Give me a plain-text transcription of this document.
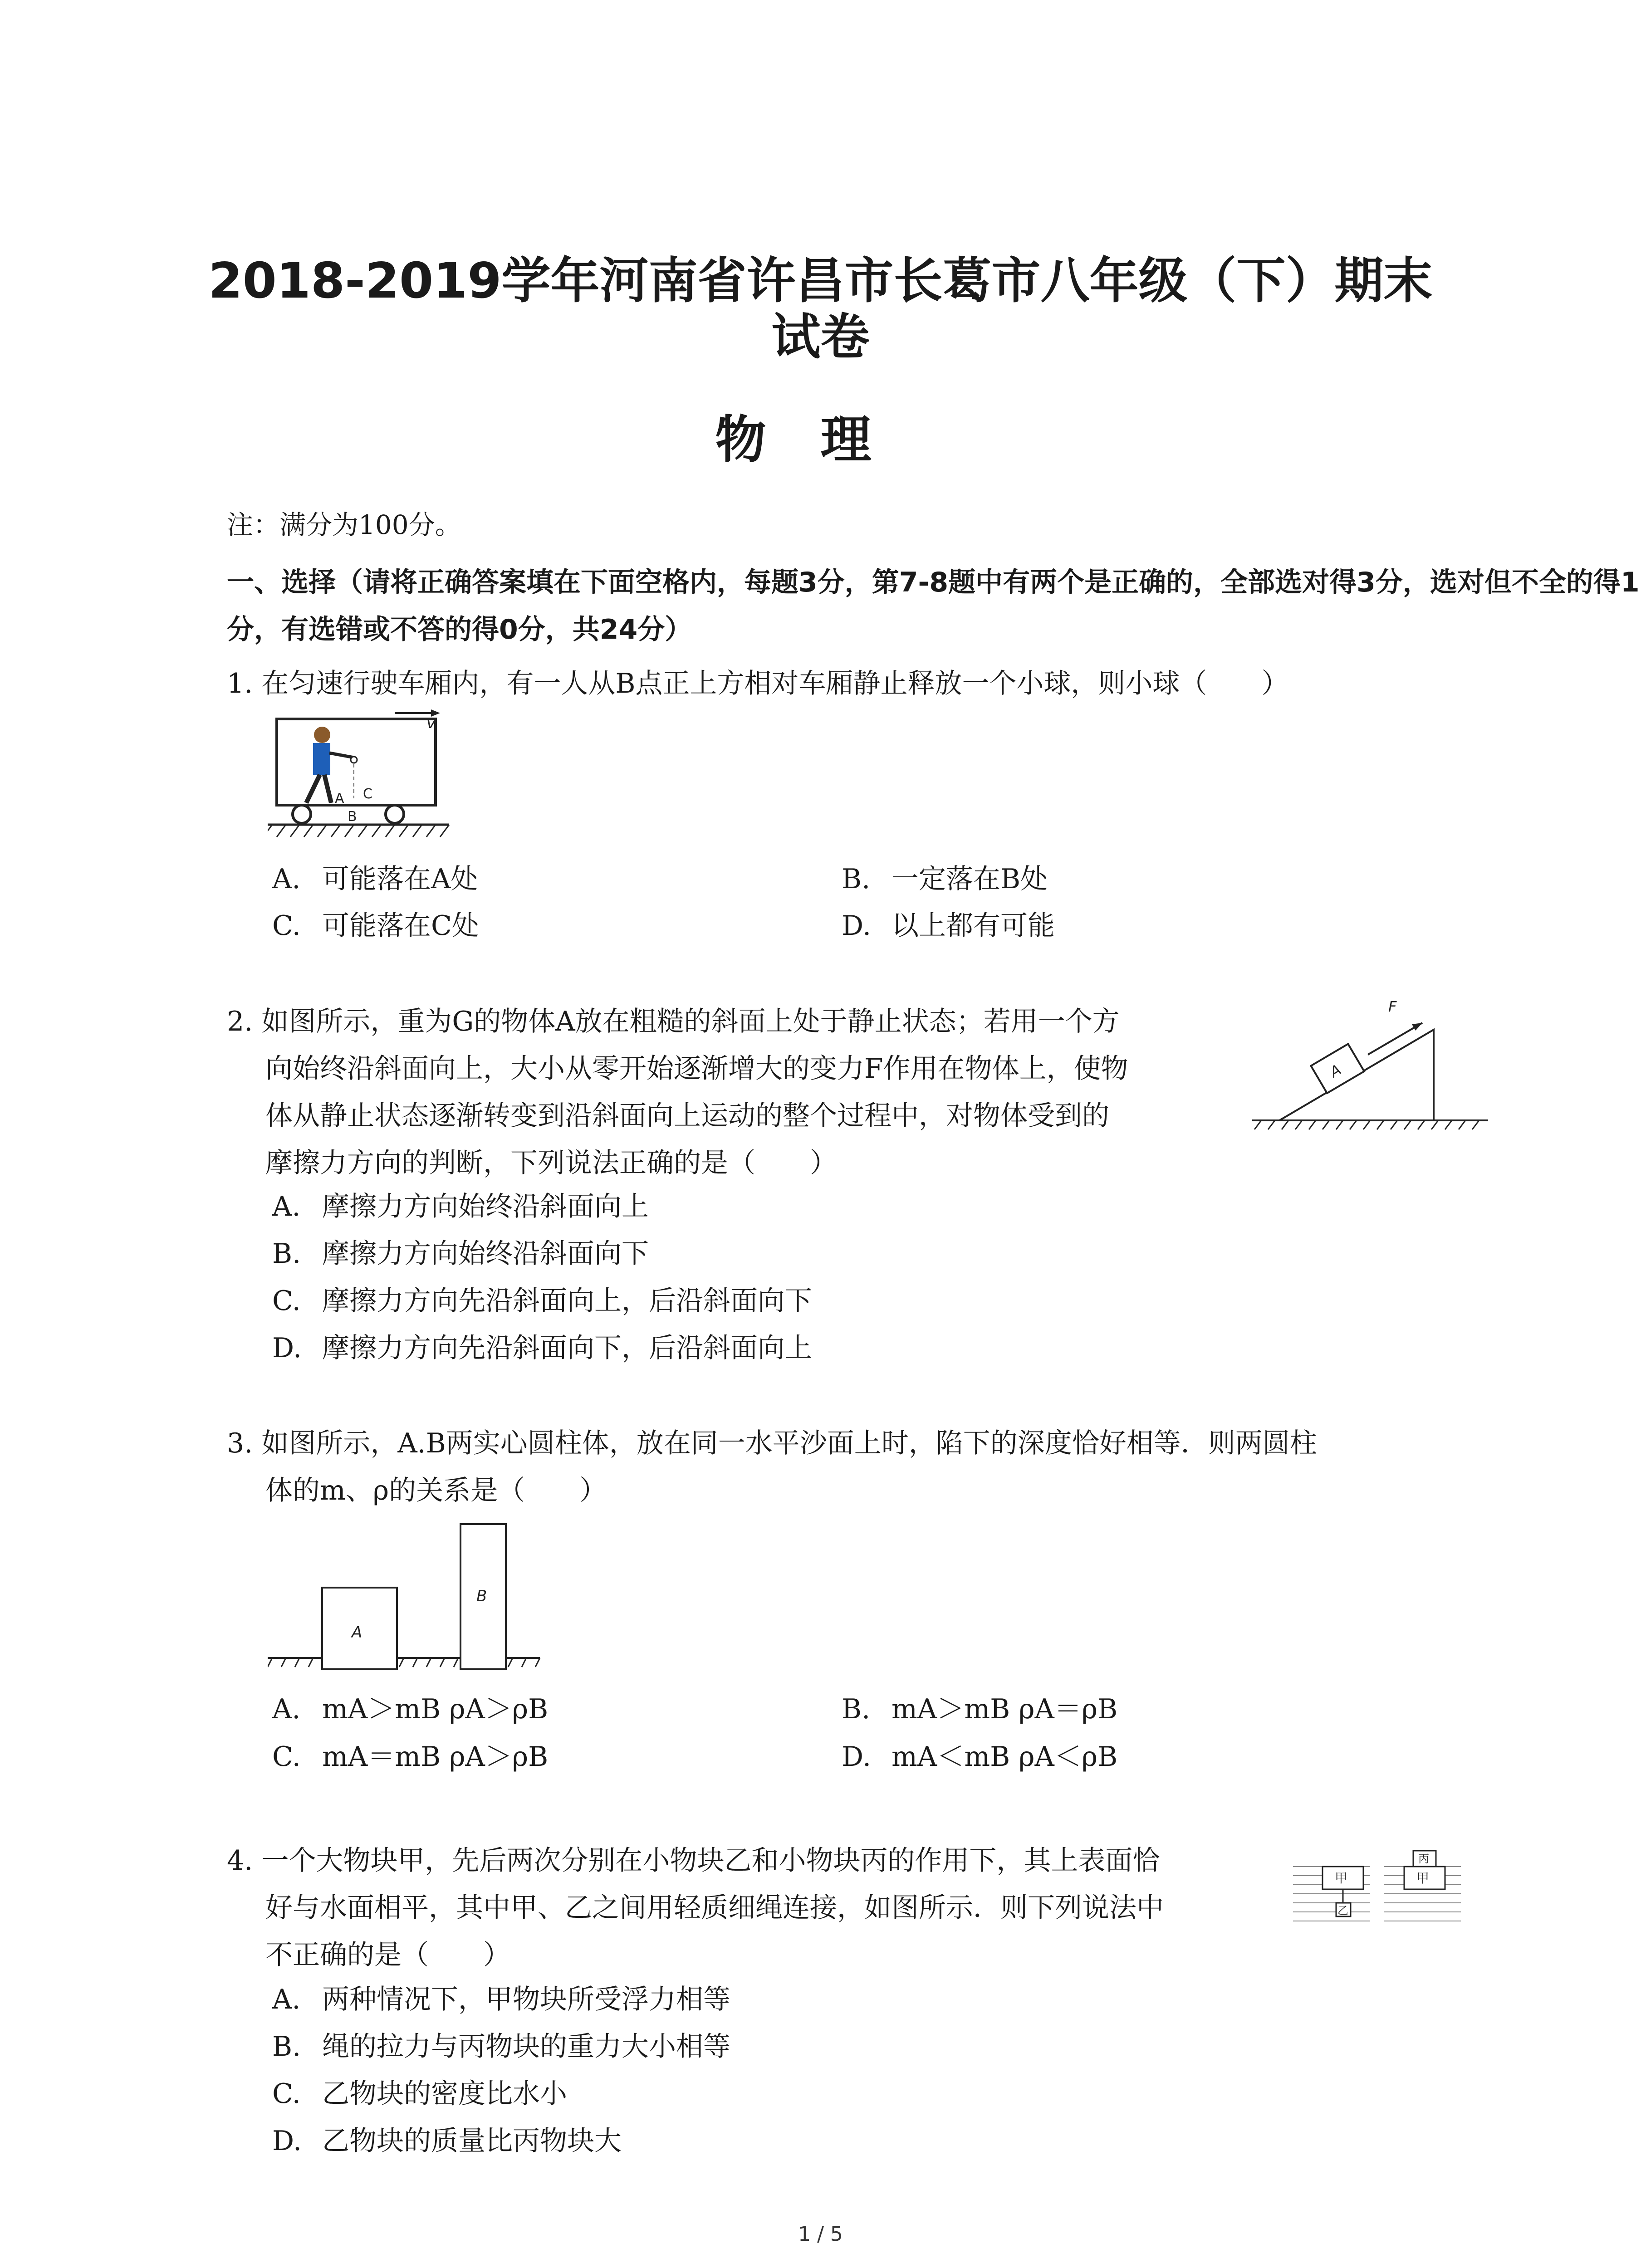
2018-2019学年河南省许昌市长葛市八年级（下）期末
试卷
物理
注：满分为100分。
一、选择（请将正确答案填在下面空格内，每题3分，第7-8题中有两个是正确的，全部选对得3分，选对但不全的得1分，有选错或不答的得0分，共24分）
1. 在匀速行驶车厢内，有一人从B点正上方相对车厢静止释放一个小球，则小球（　　）
v
A
B
C
A. 可能落在A处	B. 一定落在B处
C. 可能落在C处	D. 以上都有可能
2. 如图所示，重为G的物体A放在粗糙的斜面上处于静止状态；若用一个方
向始终沿斜面向上，大小从零开始逐渐增大的变力F作用在物体上，使物
体从静止状态逐渐转变到沿斜面向上运动的整个过程中，对物体受到的
摩擦力方向的判断，下列说法正确的是（　　）
A
F
A. 摩擦力方向始终沿斜面向上
B. 摩擦力方向始终沿斜面向下
C. 摩擦力方向先沿斜面向上，后沿斜面向下
D. 摩擦力方向先沿斜面向下，后沿斜面向上
3. 如图所示，A.B两实心圆柱体，放在同一水平沙面上时，陷下的深度恰好相等．则两圆柱
体的m、ρ的关系是（　　）
A
B
A. mA＞mB ρA＞ρB	B. mA＞mB ρA＝ρB
C. mA＝mB ρA＞ρB	D. mA＜mB ρA＜ρB
4. 一个大物块甲，先后两次分别在小物块乙和小物块丙的作用下，其上表面恰
好与水面相平，其中甲、乙之间用轻质细绳连接，如图所示．则下列说法中
不正确的是（　　）
甲
乙
甲
丙
A. 两种情况下，甲物块所受浮力相等
B. 绳的拉力与丙物块的重力大小相等
C. 乙物块的密度比水小
D. 乙物块的质量比丙物块大
1 / 5
